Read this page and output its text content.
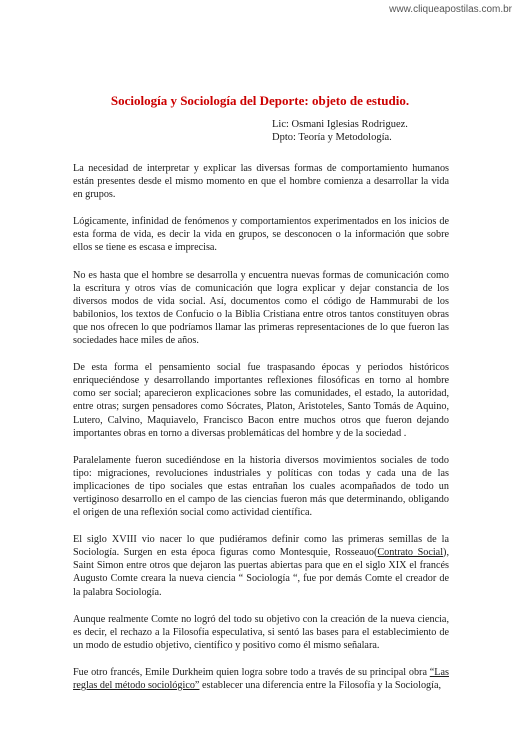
www.cliqueapostilas.com.br
Sociología y Sociología del Deporte: objeto de estudio.
Lic: Osmani Iglesias Rodriguez.
Dpto: Teoría y Metodología.

La necesidad de interpretar y explicar las diversas formas de comportamiento humanos están presentes desde el mismo momento en que el hombre comienza a desarrollar la vida en grupos.

Lógicamente, infinidad de fenómenos y comportamientos experimentados en los inicios de esta forma de vida, es decir la vida en grupos, se desconocen o la información que sobre ellos se tiene es escasa e imprecisa.

No es hasta que el hombre se desarrolla y encuentra nuevas formas de comunicación como la escritura y otros vías de comunicación que logra explicar y dejar constancia de los diversos modos de vida social. Así, documentos como el código de Hammurabi de los babilonios, los textos de Confucio o la Biblia Cristiana entre otros tantos constituyen obras que nos ofrecen lo que podríamos llamar las primeras representaciones de lo que fueron las sociedades hace miles de años.

De esta forma el pensamiento social fue traspasando épocas y periodos históricos enriqueciéndose y desarrollando importantes reflexiones filosóficas en torno al hombre como ser social; aparecieron explicaciones sobre las comunidades, el estado, la autoridad, entre otras; surgen pensadores como Sócrates, Platon, Aristoteles, Santo Tomás de Aquino, Lutero, Calvino, Maquiavelo, Francisco Bacon entre muchos otros que fueron dejando importantes obras en torno a diversas problemáticas del hombre y de la sociedad .

Paralelamente fueron sucediéndose en la historia diversos movimientos sociales de todo tipo: migraciones, revoluciones industriales y políticas con todas y cada una de las implicaciones de tipo sociales que estas entrañan los cuales acompañados de todo un vertiginoso desarrollo en el campo de las ciencias fueron más que determinando, obligando el origen de una reflexión social como actividad científica.

El siglo XVIII vio nacer lo que pudiéramos definir como las primeras semillas de la Sociología. Surgen en esta época figuras como Montesquie, Rosseauo(Contrato Social), Saint Simon entre otros que dejaron las puertas abiertas para que en el siglo XIX el francés Augusto Comte creara la nueva ciencia “ Sociología “, fue por demás Comte el creador de la palabra Sociología.

Aunque realmente Comte no logró del todo su objetivo con la creación de la nueva ciencia, es decir, el rechazo a la Filosofía especulativa, si sentó las bases para el establecimiento de un modo de estudio objetivo, científico y positivo como él mismo señalara.

Fue otro francés, Emile Durkheim quien logra sobre todo a través de su principal obra “Las reglas del método sociológico” establecer una diferencia entre la Filosofía y la Sociología,
